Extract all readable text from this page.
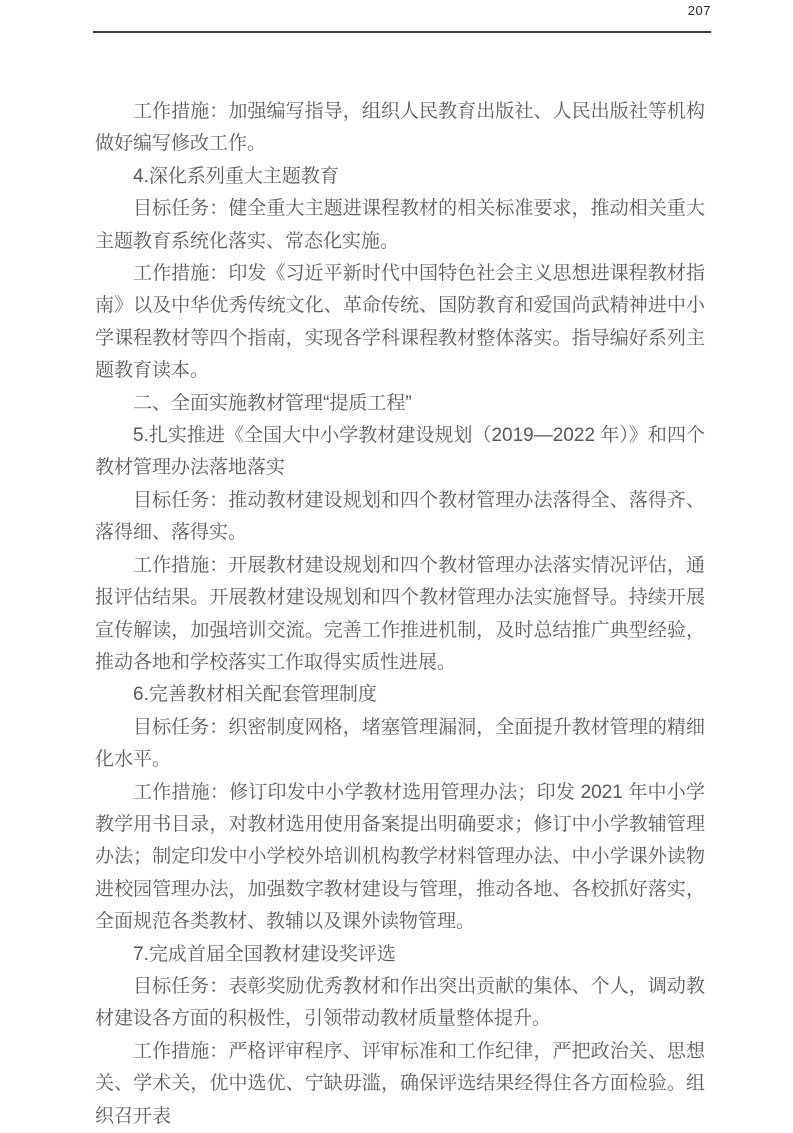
207

工作措施：加强编写指导，组织人民教育出版社、人民出版社等机构做好编写修改工作。

4.深化系列重大主题教育

目标任务：健全重大主题进课程教材的相关标准要求，推动相关重大主题教育系统化落实、常态化实施。

工作措施：印发《习近平新时代中国特色社会主义思想进课程教材指南》以及中华优秀传统文化、革命传统、国防教育和爱国尚武精神进中小学课程教材等四个指南，实现各学科课程教材整体落实。指导编好系列主题教育读本。

二、全面实施教材管理“提质工程”

5.扎实推进《全国大中小学教材建设规划（2019—2022 年）》和四个教材管理办法落地落实

目标任务：推动教材建设规划和四个教材管理办法落得全、落得齐、落得细、落得实。

工作措施：开展教材建设规划和四个教材管理办法落实情况评估，通报评估结果。开展教材建设规划和四个教材管理办法实施督导。持续开展宣传解读，加强培训交流。完善工作推进机制，及时总结推广典型经验，推动各地和学校落实工作取得实质性进展。

6.完善教材相关配套管理制度

目标任务：织密制度网格，堵塞管理漏洞，全面提升教材管理的精细化水平。

工作措施：修订印发中小学教材选用管理办法；印发 2021 年中小学教学用书目录，对教材选用使用备案提出明确要求；修订中小学教辅管理办法；制定印发中小学校外培训机构教学材料管理办法、中小学课外读物进校园管理办法，加强数字教材建设与管理，推动各地、各校抓好落实，全面规范各类教材、教辅以及课外读物管理。

7.完成首届全国教材建设奖评选

目标任务：表彰奖励优秀教材和作出突出贡献的集体、个人，调动教材建设各方面的积极性，引领带动教材质量整体提升。

工作措施：严格评审程序、评审标准和工作纪律，严把政治关、思想关、学术关，优中选优、宁缺毋滥，确保评选结果经得住各方面检验。组织召开表
